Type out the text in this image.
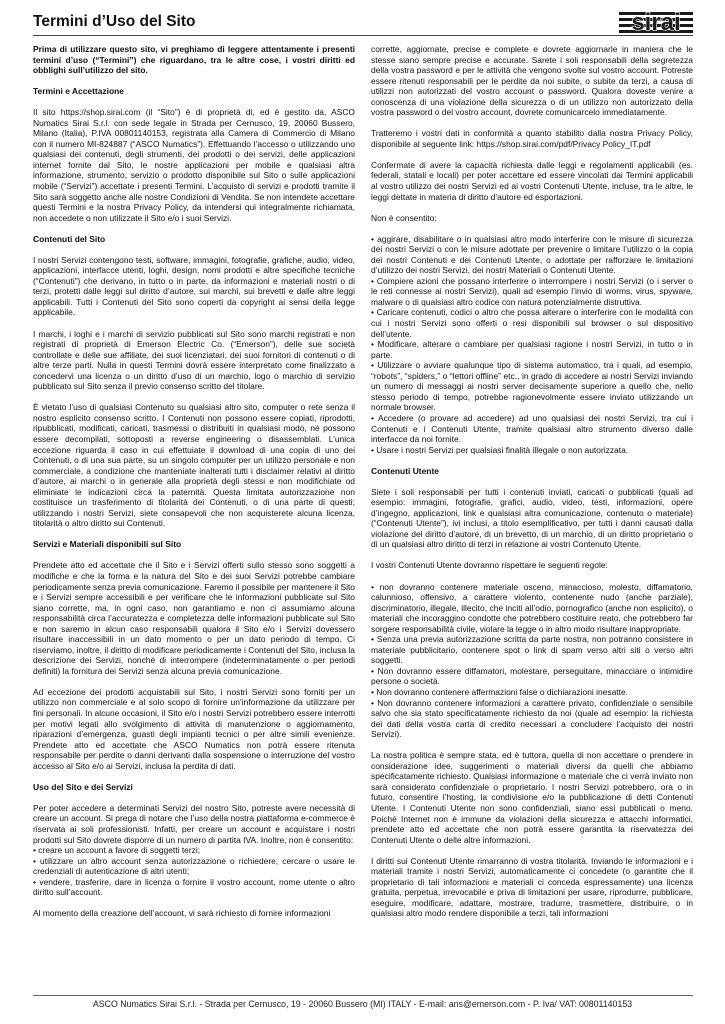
Termini d’Uso del Sito	sirai

Prima di utilizzare questo sito, vi preghiamo di leggere attentamente i presenti termini d’uso (“Termini”) che riguardano, tra le altre cose, i vostri diritti ed obblighi sull’utilizzo del sito.

Termini e Accettazione

Il sito https://shop.sirai.com (il “Sito”) è di proprietà di, ed è gestito da, ASCO Numatics Sirai S.r.l. con sede legale in Strada per Cernusco, 19, 20060 Bussero, Milano (Italia), P.IVA 00801140153, registrata alla Camera di Commercio di Milano con il numero MI-824887 (“ASCO Numatics”). Effettuando l’accesso o utilizzando uno qualsiasi dei contenuti, degli strumenti, dei prodotti o dei servizi, delle applicazioni internet fornite dal Sito, le nostre applicazioni per mobile e qualsiasi altra informazione, strumento, servizio o prodotto disponibile sul Sito o sulle applicazioni mobile (“Servizi”) accettate i presenti Termini. L’acquisto di servizi e prodotti tramite il Sito sarà soggetto anche alle nostre Condizioni di Vendita. Se non intendete accettare questi Termini e la nostra Privacy Policy, da intendersi qui integralmente richiamata, non accedete o non utilizzate il Sito e/o i suoi Servizi.

Contenuti del Sito

I nostri Servizi contengono testi, software, immagini, fotografie, grafiche, audio, video, applicazioni, interfacce utenti, loghi, design, nomi prodotti e altre specifiche tecniche (“Contenuti”) che derivano, in tutto o in parte, da informazioni e materiali nostri o di terzi, protetti dalle leggi sul diritto d’autore, sui marchi, sui brevetti e dalle altre leggi applicabili. Tutti i Contenuti del Sito sono coperti da copyright ai sensi della legge applicabile.

I marchi, i loghi e i marchi di servizio pubblicati sul Sito sono marchi registrati e non registrati di proprietà di Emerson Electric Co. (“Emerson”), delle sue società controllate e delle sue affiliate, dei suoi licenziatari, dei suoi fornitori di contenuti o di altre terze parti. Nulla in questi Termini dovrà essere interpretato come finalizzato a concedervi una licenza o un diritto d’uso di un marchio, logo o marchio di servizio pubblicato sul Sito senza il previo consenso scritto del titolare.

È vietato l’uso di qualsiasi Contenuto su qualsiasi altro sito, computer o rete senza il nostro esplicito consenso scritto. I Contenuti non possono essere copiati, riprodotti, ripubblicati, modificati, caricati, trasmessi o distribuiti in qualsiasi modo, né possono essere decompilati, sottoposti a reverse engineering o disassemblati. L’unica eccezione riguarda il caso in cui effettuiate il download di una copia di uno dei Contenuti, o di una sua parte, su un singolo computer per un utilizzo personale e non commerciale, a condizione che manteniate inalterati tutti i disclaimer relativi al diritto d’autore, ai marchi o in generale alla proprietà degli stessi e non modifichiate od eliminiate le indicazioni circa la paternità. Questa limitata autorizzazione non costituisce un trasferimento di titolarità dei Contenuti, o di una parte di questi; utilizzando i nostri Servizi, siete consapevoli che non acquisterete alcuna licenza, titolarità o altro diritto sui Contenuti.

Servizi e Materiali disponibili sul Sito

Prendete atto ed accettate che il Sito e i Servizi offerti sullo stesso sono soggetti a modifiche e che la forma e la natura del Sito e dei suoi Servizi potrebbe cambiare periodicamente senza previa comunicazione. Faremo il possibile per mantenere il Sito e i Servizi sempre accessibili e per verificare che le informazioni pubblicate sul Sito siano corrette, ma, in ogni caso, non garantiamo e non ci assumiamo alcuna responsabilità circa l’accuratezza e completezza delle informazioni pubblicate sul Sito e non saremo in alcun caso responsabili qualora il Sito e/o i Servizi dovessero risultare inaccessibili in un dato momento o per un dato periodo di tempo. Ci riserviamo, inoltre, il diritto di modificare periodicamente i Contenuti del Sito, inclusa la descrizione dei Servizi, nonché di interrompere (indeterminatamente o per periodi definiti) la fornitura dei Servizi senza alcuna previa comunicazione.

Ad eccezione dei prodotti acquistabili sul Sito, i nostri Servizi sono forniti per un utilizzo non commerciale e al solo scopo di fornire un’informazione da utilizzare per fini personali. In alcune occasioni, il Sito e/o i nostri Servizi potrebbero essere interrotti per motivi legati allo svolgimento di attività di manutenzione o aggiornamento, riparazioni d’emergenza, guasti degli impianti tecnici o per altre simili evenienze. Prendete atto ed accettate che ASCO Numatics non potrà essere ritenuta responsabile per perdite o danni derivanti dalla sospensione o interruzione del vostro accesso al Sito e/o ai Servizi, inclusa la perdita di dati.

Uso del Sito e dei Servizi

Per poter accedere a determinati Servizi del nostro Sito, potreste avere necessità di creare un account. Si prega di notare che l’uso della nostra piattaforma e-commerce è riservata ai soli professionisti. Infatti, per creare un account e acquistare i nostri prodotti sul Sito dovrete disporre di un numero di partita IVA. Inoltre, non è consentito:

• creare un account a favore di soggetti terzi;

• utilizzare un altro account senza autorizzazione o richiedere, cercare o usare le credenziali di autenticazione di altri utenti;

• vendere, trasferire, dare in licenza o fornire il vostro account, nome utente o altro diritto sull’account.

Al momento della creazione dell’account, vi sarà richiesto di fornire informazioni

corrette, aggiornate, precise e complete e dovrete aggiornarle in maniera che le stesse siano sempre precise e accurate. Sarete i soli responsabili della segretezza della vostra password e per le attività che vengono svolte sul vostro account. Potreste essere ritenuti responsabili per le perdite da noi subite, o subite da terzi, a causa di utilizzi non autorizzati del vostro account o password. Qualora doveste venire a conoscenza di una violazione della sicurezza o di un utilizzo non autorizzato della vostra password o del vostro account, dovrete comunicarcelo immediatamente.

Tratteremo i vostri dati in conformità a quanto stabilito dalla nostra Privacy Policy, disponibile al seguente link: https://shop.sirai.com/pdf/Privacy Policy_IT.pdf

Confermate di avere la capacità richiesta dalle leggi e regolamenti applicabili (es. federali, statali e locali) per poter accettare ed essere vincolati dai Termini applicabili al vostro utilizzo dei nostri Servizi ed ai vostri Contenuti Utente, incluse, tra le altre, le leggi dettate in materia di diritto d’autore ed esportazioni.

Non è consentito:

• aggirare, disabilitare o in qualsiasi altro modo interferire con le misure di sicurezza dei nostri Servizi o con le misure adottate per prevenire o limitare l’utilizzo o la copia dei nostri Contenuti e dei Contenuti Utente, o adottate per rafforzare le limitazioni d’utilizzo dei nostri Servizi, dei nostri Materiali o Contenuti Utente.

• Compiere azioni che possano interferire o interrompere i nostri Servizi (o i server o le reti connesse ai nostri Servizi), quali ad esempio l’invio di worms, virus, spyware, malware o di qualsiasi altro codice con natura potenzialmente distruttiva.

• Caricare contenuti, codici o altro che possa alterare o interferire con le modalità con cui i nostri Servizi sono offerti o resi disponibili sul browser o sul dispositivo dell’utente.

• Modificare, alterare o cambiare per qualsiasi ragione i nostri Servizi, in tutto o in parte.

• Utilizzare o avviare qualunque tipo di sistema automatico, tra i quali, ad esempio, “robots”, “spiders,” o “lettori offline” etc., in grado di accedere ai nostri Servizi inviando un numero di messaggi ai nostri server decisamente superiore a quello che, nello stesso periodo di tempo, potrebbe ragionevolmente essere inviato utilizzando un normale browser.

• Accedere (o provare ad accedere) ad uno qualsiasi dei nostri Servizi, tra cui i Contenuti e i Contenuti Utente, tramite qualsiasi altro strumento diverso dalle interfacce da noi fornite.

• Usare i nostri Servizi per qualsiasi finalità illegale o non autorizzata.

Contenuti Utente

Siete i soli responsabili per tutti i contenuti inviati, caricati o pubblicati (quali ad esempio: immagini, fotografie, grafici, audio, video, testi, informazioni, opere d’ingegno, applicazioni, link e qualsiasi altra comunicazione, contenuto o materiale) (“Contenuti Utente”), ivi inclusi, a titolo esemplificativo, per tutti i danni causati dalla violazione del diritto d’autore, di un brevetto, di un marchio, di un diritto proprietario o di un qualsiasi altro diritto di terzi in relazione ai vostri Contenuto Utente.

I vostri Contenuti Utente dovranno rispettare le seguenti regole:

• non dovranno contenere materiale osceno, minaccioso, molesto, diffamatorio, calunnioso, offensivo, a carattere violento, contenente nudo (anche parziale), discriminatorio, illegale, illecito, che inciti all’odio, pornografico (anche non esplicito), o materiali che incoraggino condotte che potrebbero costituire reato, che potrebbero far sorgere responsabilità civile, violare la legge o in altro modo risultare inappropriate.

• Senza una previa autorizzazione scritta da parte nostra, non potranno consistere in materiale pubblicitario, contenere spot o link di spam verso altri siti o verso altri soggetti.

• Non dovranno essere diffamatori, molestare, perseguitare, minacciare o intimidire persone o società.

• Non dovranno contenere affermazioni false o dichiarazioni inesatte.

• Non dovranno contenere informazioni a carattere privato, confidenziale o sensibile salvo che sia stato specificatamente richiesto da noi (quale ad esempio: la richiesta dei dati della vostra carta di credito necessari a concludere l’acquisto dei nostri Servizi).

La nostra politica è sempre stata, ed è tuttora, quella di non accettare o prendere in considerazione idee, suggerimenti o materiali diversi da quelli che abbiamo specificatamente richiesto. Qualsiasi informazione o materiale che ci verrà inviato non sarà considerato confidenziale o proprietario. I nostri Servizi potrebbero, ora o in futuro, consentire l’hosting, la condivisione e/o la pubblicazione di detti Contenuti Utente. I Contenuti Utente non sono confidenziali, siano essi pubblicati o meno. Poiché Internet non è immune da violazioni della sicurezza e attacchi informatici, prendete atto ed accettate che non potrà essere garantita la riservatezza dei Contenuti Utente o delle altre informazioni.

I diritti sui Contenuti Utente rimarranno di vostra titolarità. Inviando le informazioni e i materiali tramite i nostri Servizi, automaticamente ci concedete (o garantite che il proprietario di tali informazioni e materiali ci conceda espressamente) una licenza gratuita, perpetua, irrevocabile e priva di limitazioni per usare, riprodurre, pubblicare, eseguire, modificare, adattare, mostrare, tradurre, trasmettere, distribuire, o in qualsiasi altro modo rendere disponibile a terzi, tali informazioni

ASCO Numatics Sirai S.r.l. - Strada per Cernusco, 19 - 20060 Bussero (MI) ITALY - E-mail: ans@emerson.com - P. Iva/ VAT: 00801140153
